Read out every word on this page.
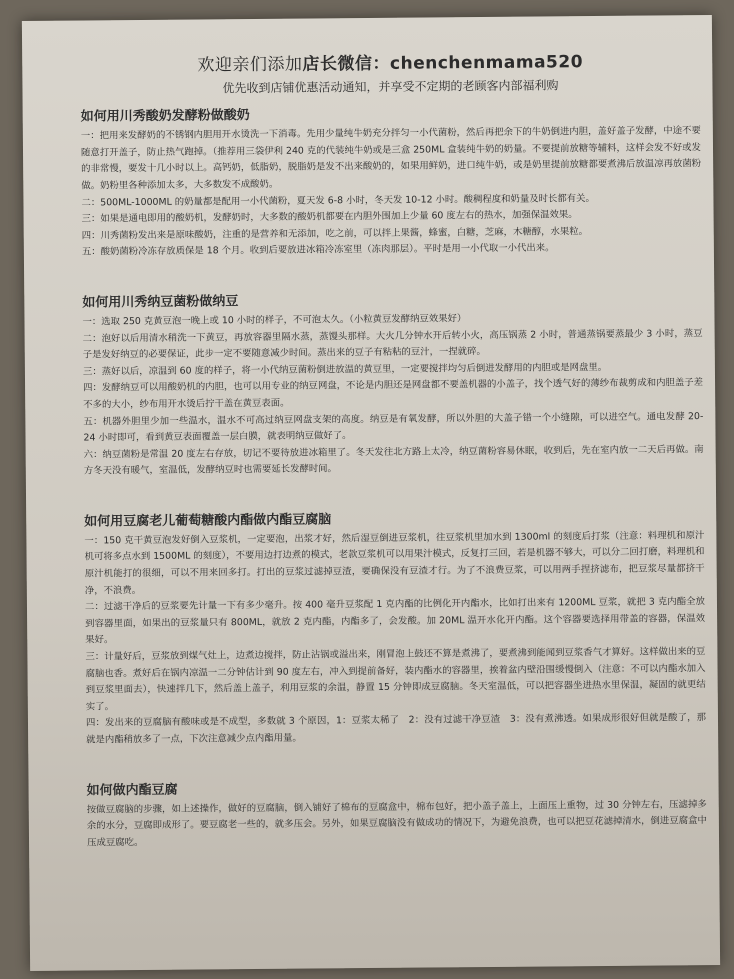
欢迎亲们添加店长微信：chenchenmama520

优先收到店铺优惠活动通知，并享受不定期的老顾客内部福利购

如何用川秀酸奶发酵粉做酸奶

一：把用来发酵奶的不锈钢内胆用开水烫洗一下消毒。先用少量纯牛奶充分拌匀一小代菌粉，然后再把余下的牛奶倒进内胆，盖好盖子发酵，中途不要随意打开盖子，防止热气跑掉。（推荐用三袋伊利 240 克的代装纯牛奶或是三盒 250ML 盒装纯牛奶的奶量。不要提前放糖等辅料，这样会发不好或发的非常慢，要发十几小时以上。高钙奶，低脂奶，脱脂奶是发不出来酸奶的，如果用鲜奶，进口纯牛奶，或是奶里提前放糖都要煮沸后放温凉再放菌粉做。奶粉里各种添加太多，大多数发不成酸奶。

二：500ML-1000ML 的奶量都是配用一小代菌粉，夏天发 6-8 小时，冬天发 10-12 小时。酸稠程度和奶量及时长都有关。

三：如果是通电即用的酸奶机，发酵奶时，大多数的酸奶机都要在内胆外围加上少量 60 度左右的热水，加强保温效果。

四：川秀菌粉发出来是原味酸奶，注重的是营养和无添加，吃之前，可以拌上果酱，蜂蜜，白糖，芝麻，木糖醇，水果粒。

五：酸奶菌粉冷冻存放质保是 18 个月。收到后要放进冰箱冷冻室里（冻肉那层）。平时是用一小代取一小代出来。

如何用川秀纳豆菌粉做纳豆

一：选取 250 克黄豆泡一晚上或 10 小时的样子，不可泡太久。（小粒黄豆发酵纳豆效果好）

二：泡好以后用清水稍洗一下黄豆，再放容器里隔水蒸，蒸馒头那样。大火几分钟水开后转小火，高压锅蒸 2 小时，普通蒸锅要蒸最少 3 小时，蒸豆子是发好纳豆的必要保证，此步一定不要随意减少时间。蒸出来的豆子有粘粘的豆汁，一捏就碎。

三：蒸好以后，凉温到 60 度的样子，将一小代纳豆菌粉倒进放温的黄豆里，一定要搅拌均匀后倒进发酵用的内胆或是网盘里。

四：发酵纳豆可以用酸奶机的内胆，也可以用专业的纳豆网盘，不论是内胆还是网盘都不要盖机器的小盖子，找个透气好的薄纱布裁剪成和内胆盖子差不多的大小，纱布用开水烫后拧干盖在黄豆表面。

五：机器外胆里少加一些温水，温水不可高过纳豆网盘支架的高度。纳豆是有氧发酵，所以外胆的大盖子错一个小缝隙，可以进空气。通电发酵 20-24 小时即可，看到黄豆表面覆盖一层白膜，就表明纳豆做好了。

六：纳豆菌粉是常温 20 度左右存放，切记不要待放进冰箱里了。冬天发往北方路上太冷，纳豆菌粉容易休眠，收到后，先在室内放一二天后再做。南方冬天没有暖气，室温低，发酵纳豆时也需要延长发酵时间。

如何用豆腐老儿葡萄糖酸内酯做内酯豆腐脑

一：150 克干黄豆泡发好倒入豆浆机，一定要泡，出浆才好，然后湿豆倒进豆浆机，往豆浆机里加水到 1300ml 的刻度后打浆（注意：料理机和原汁机可将多点水到 1500ML 的刻度），不要用边打边煮的模式，老款豆浆机可以用果汁模式，反复打三回，若是机器不够大，可以分二回打磨，料理机和原汁机能打的很细，可以不用来回多打。打出的豆浆过滤掉豆渣，要确保没有豆渣才行。为了不浪费豆浆，可以用两手捏挤滤布，把豆浆尽量都挤干净，不浪费。

二：过滤干净后的豆浆要先计量一下有多少毫升。按 400 毫升豆浆配 1 克内酯的比例化开内酯水，比如打出来有 1200ML 豆浆，就把 3 克内酯全放到容器里面，如果出的豆浆量只有 800ML，就放 2 克内酯，内酯多了，会发酸。加 20ML 温开水化开内酯。这个容器要选择用带盖的容器，保温效果好。

三：计量好后，豆浆放到煤气灶上，边煮边搅拌，防止沾锅或溢出来，刚冒泡上鼓还不算是煮沸了，要煮沸到能闻到豆浆香气才算好。这样做出来的豆腐脑也香。煮好后在锅内凉温一二分钟估计到 90 度左右，冲入到提前备好，装内酯水的容器里，挨着盆内壁沿围缓慢倒入（注意：不可以内酯水加入到豆浆里面去），快速拌几下，然后盖上盖子，利用豆浆的余温，静置 15 分钟即成豆腐脑。冬天室温低，可以把容器坐进热水里保温，凝固的就更结实了。

四：发出来的豆腐脑有酸味或是不成型，多数就 3 个原因，1：豆浆太稀了　2：没有过滤干净豆渣　3：没有煮沸透。如果成形很好但就是酸了，那就是内酯稍放多了一点，下次注意减少点内酯用量。

如何做内酯豆腐

按做豆腐脑的步骤，如上述操作，做好的豆腐脑，倒入铺好了棉布的豆腐盒中，棉布包好，把小盖子盖上，上面压上重物，过 30 分钟左右，压滤掉多余的水分，豆腐即成形了。要豆腐老一些的，就多压会。另外，如果豆腐脑没有做成功的情况下，为避免浪费，也可以把豆花滤掉清水，倒进豆腐盒中压成豆腐吃。
